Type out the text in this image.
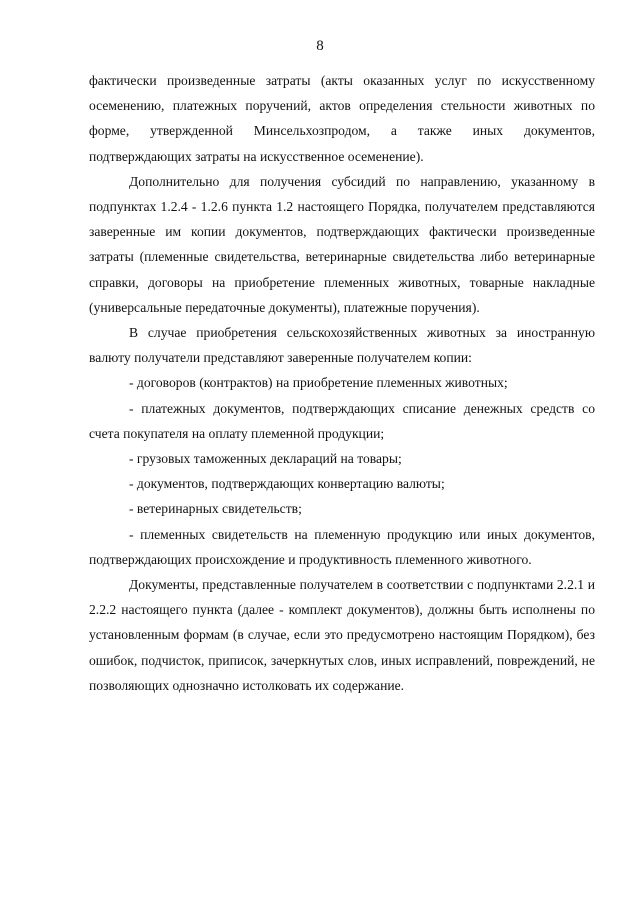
8

фактически произведенные затраты (акты оказанных услуг по искусственному осеменению, платежных поручений, актов определения стельности животных по форме, утвержденной Минсельхозпродом, а также иных документов, подтверждающих затраты на искусственное осеменение).

Дополнительно для получения субсидий по направлению, указанному в подпунктах 1.2.4 - 1.2.6 пункта 1.2 настоящего Порядка, получателем представляются заверенные им копии документов, подтверждающих фактически произведенные затраты (племенные свидетельства, ветеринарные свидетельства либо ветеринарные справки, договоры на приобретение племенных животных, товарные накладные (универсальные передаточные документы), платежные поручения).

В случае приобретения сельскохозяйственных животных за иностранную валюту получатели представляют заверенные получателем копии:

- договоров (контрактов) на приобретение племенных животных;

- платежных документов, подтверждающих списание денежных средств со счета покупателя на оплату племенной продукции;

- грузовых таможенных деклараций на товары;

- документов, подтверждающих конвертацию валюты;

- ветеринарных свидетельств;

- племенных свидетельств на племенную продукцию или иных документов, подтверждающих происхождение и продуктивность племенного животного.

Документы, представленные получателем в соответствии с подпунктами 2.2.1 и 2.2.2 настоящего пункта (далее - комплект документов), должны быть исполнены по установленным формам (в случае, если это предусмотрено настоящим Порядком), без ошибок, подчисток, приписок, зачеркнутых слов, иных исправлений, повреждений, не позволяющих однозначно истолковать их содержание.
